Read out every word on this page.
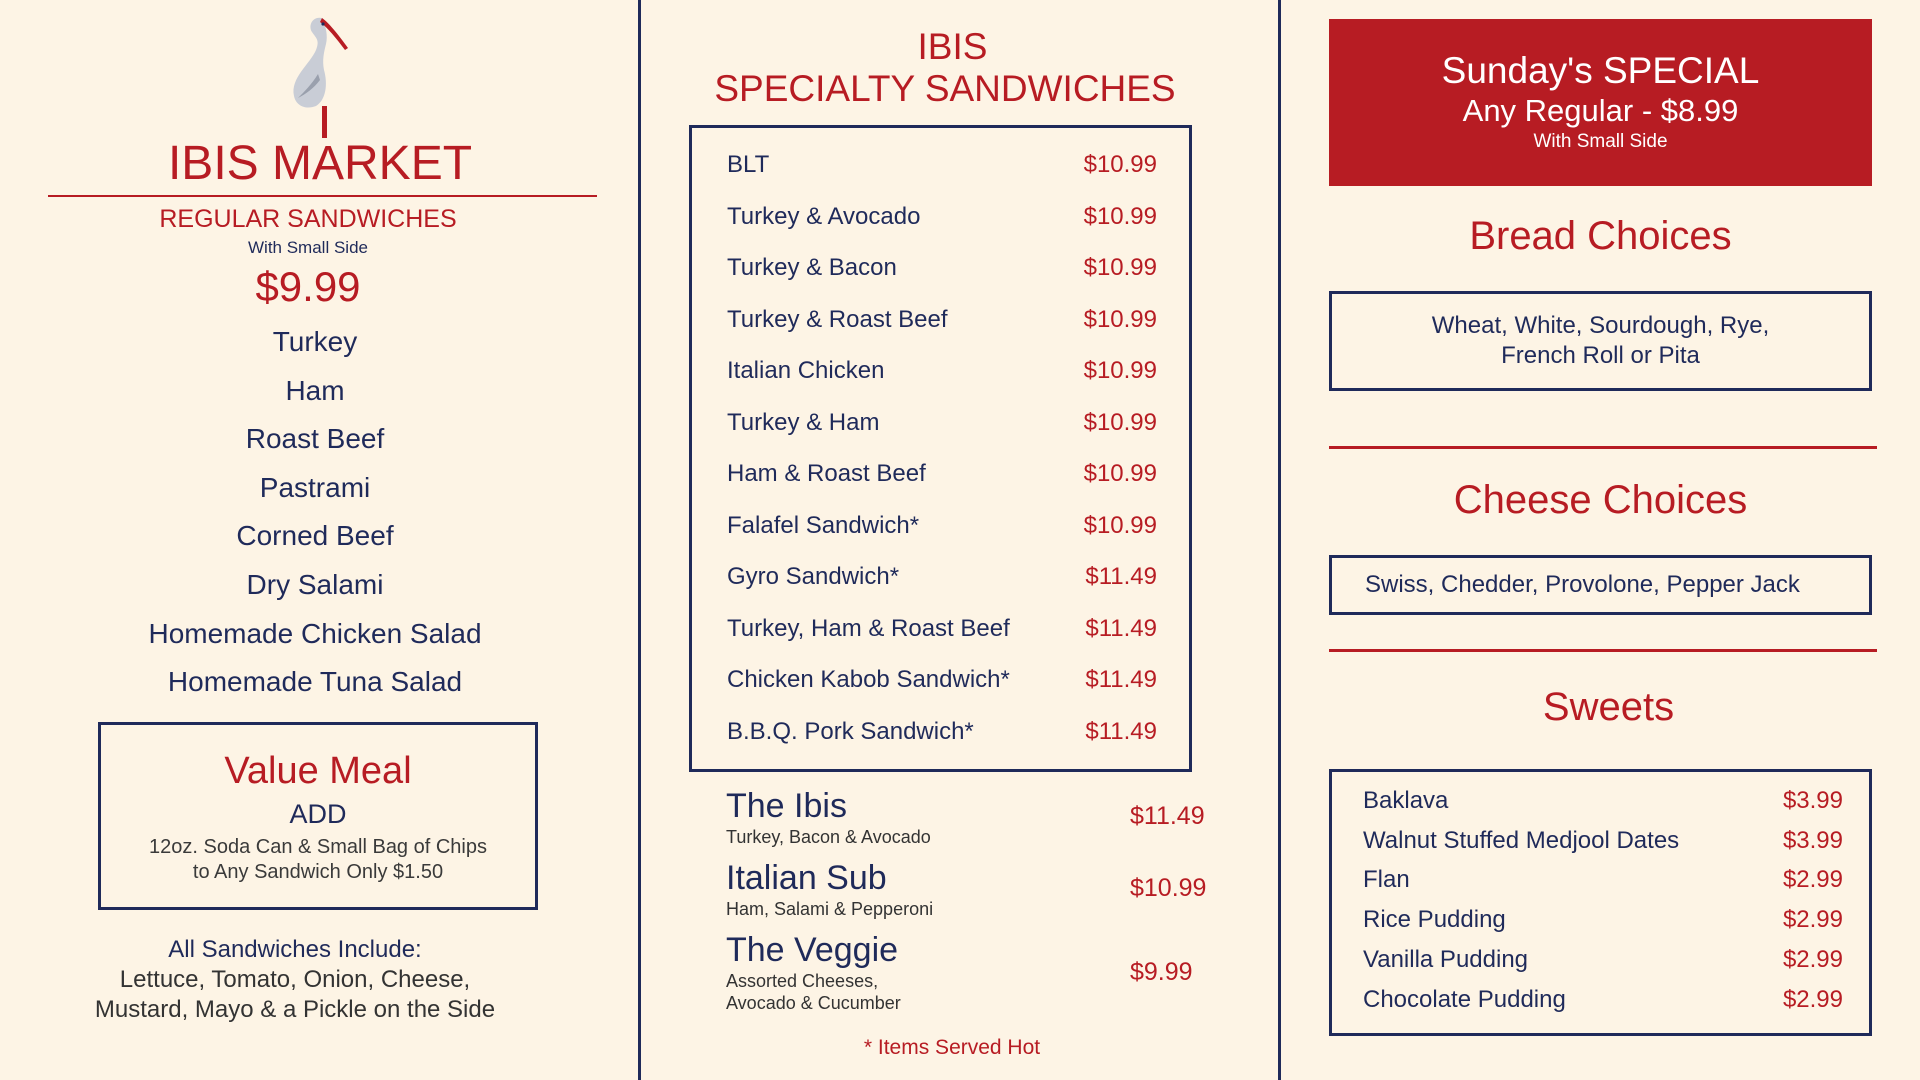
IBIS MARKET
REGULAR SANDWICHES
With Small Side
$9.99
Turkey
Ham
Roast Beef
Pastrami
Corned Beef
Dry Salami
Homemade Chicken Salad
Homemade Tuna Salad
Value Meal
ADD
12oz. Soda Can & Small Bag of Chips
to Any Sandwich Only $1.50
All Sandwiches Include:
Lettuce, Tomato, Onion, Cheese,
Mustard, Mayo & a Pickle on the Side
IBIS
SPECIALTY SANDWICHES
BLT	$10.99
Turkey & Avocado	$10.99
Turkey & Bacon	$10.99
Turkey & Roast Beef	$10.99
Italian Chicken	$10.99
Turkey & Ham	$10.99
Ham & Roast Beef	$10.99
Falafel Sandwich*	$10.99
Gyro Sandwich*	$11.49
Turkey, Ham & Roast Beef	$11.49
Chicken Kabob Sandwich*	$11.49
B.B.Q. Pork Sandwich*	$11.49
The Ibis
Turkey, Bacon & Avocado
$11.49
Italian Sub
Ham, Salami & Pepperoni
$10.99
The Veggie
Assorted Cheeses,
Avocado & Cucumber
$9.99
* Items Served Hot
Sunday's SPECIAL
Any Regular - $8.99
With Small Side
Bread Choices
Wheat, White, Sourdough, Rye,
French Roll or Pita
Cheese Choices
Swiss, Chedder, Provolone, Pepper Jack
Sweets
Baklava	$3.99
Walnut Stuffed Medjool Dates	$3.99
Flan	$2.99
Rice Pudding	$2.99
Vanilla Pudding	$2.99
Chocolate Pudding	$2.99
